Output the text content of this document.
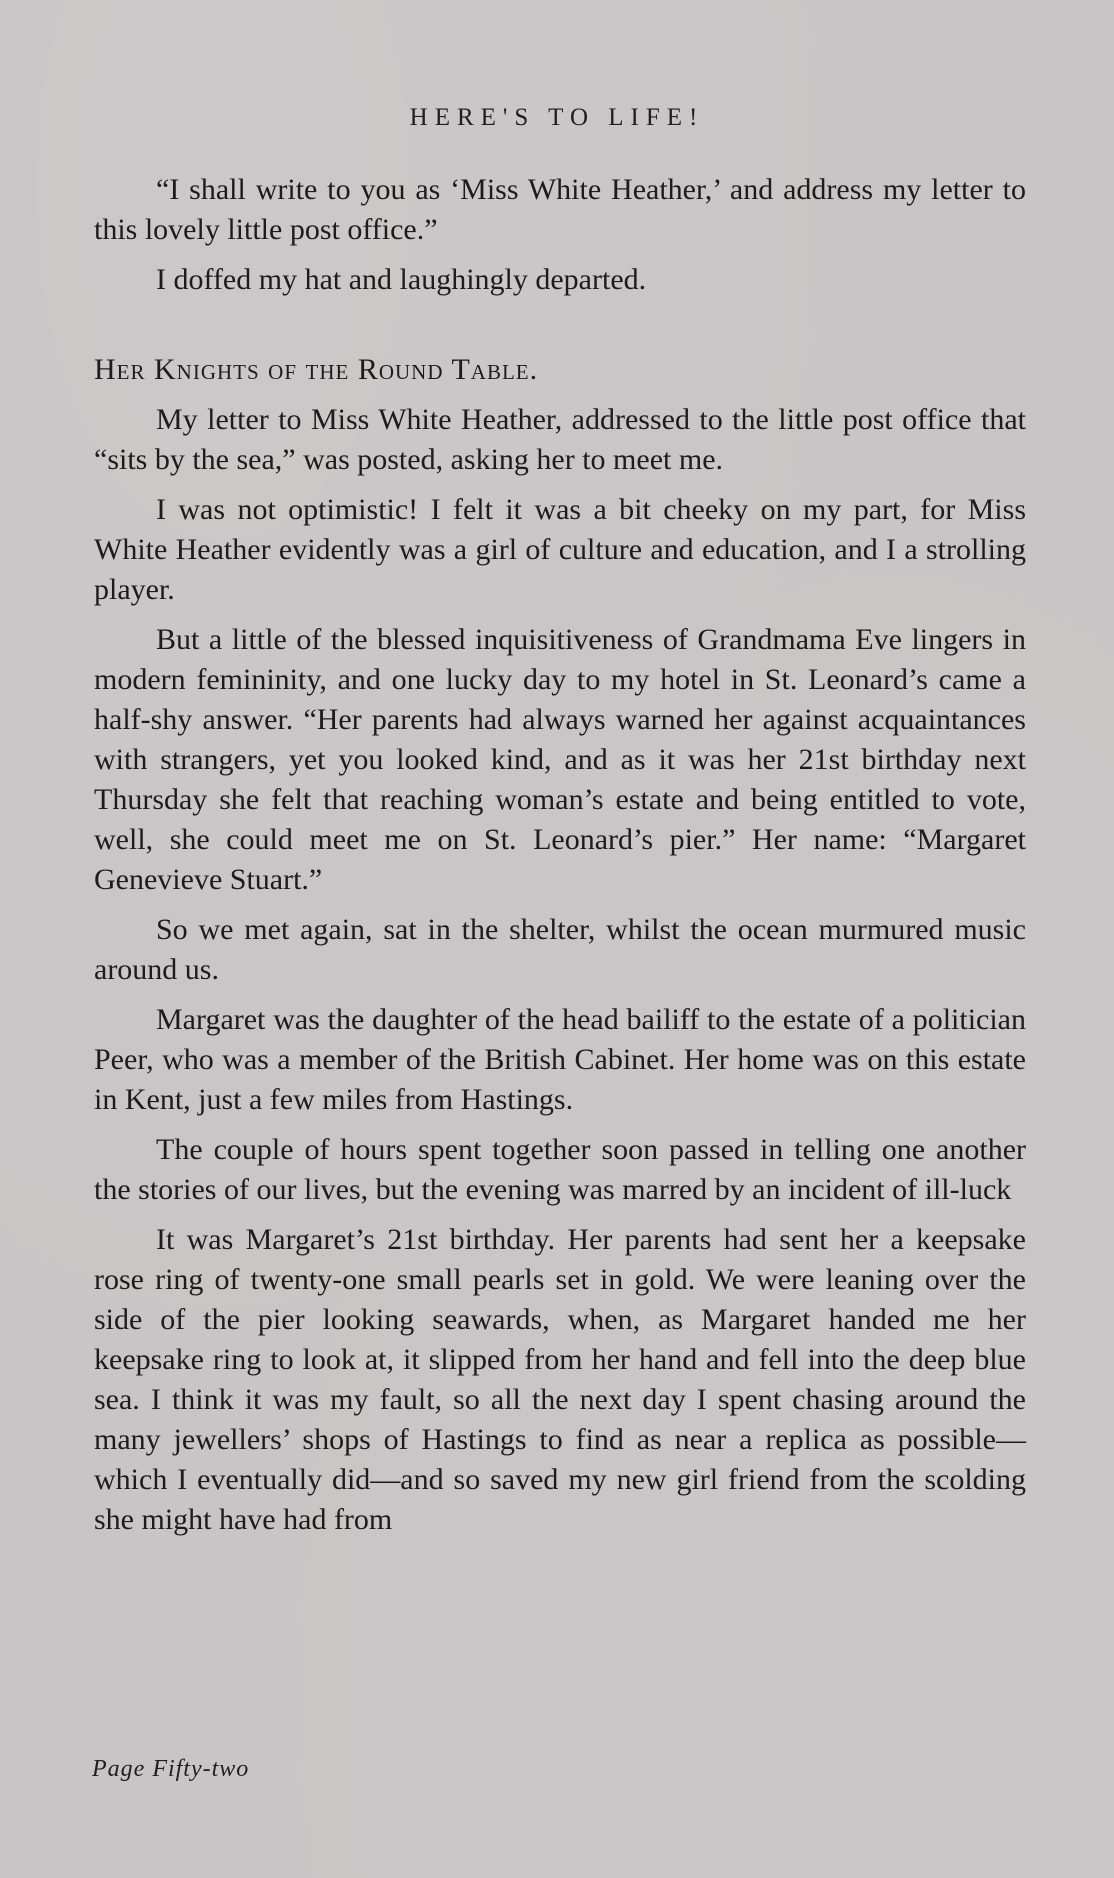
HERE'S TO LIFE!

“I shall write to you as ‘Miss White Heather,’ and address my letter to this lovely little post office.”

I doffed my hat and laughingly departed.

Her Knights of the Round Table.

My letter to Miss White Heather, addressed to the little post office that “sits by the sea,” was posted, asking her to meet me.

I was not optimistic! I felt it was a bit cheeky on my part, for Miss White Heather evidently was a girl of culture and education, and I a strolling player.

But a little of the blessed inquisitiveness of Grandmama Eve lingers in modern femininity, and one lucky day to my hotel in St. Leonard’s came a half-shy answer. “Her parents had always warned her against acquaintances with strangers, yet you looked kind, and as it was her 21st birthday next Thursday she felt that reaching woman’s estate and being entitled to vote, well, she could meet me on St. Leonard’s pier.” Her name: “Margaret Genevieve Stuart.”

So we met again, sat in the shelter, whilst the ocean murmured music around us.

Margaret was the daughter of the head bailiff to the estate of a politician Peer, who was a member of the British Cabinet. Her home was on this estate in Kent, just a few miles from Hastings.

The couple of hours spent together soon passed in telling one another the stories of our lives, but the evening was marred by an incident of ill-luck

It was Margaret’s 21st birthday. Her parents had sent her a keepsake rose ring of twenty-one small pearls set in gold. We were leaning over the side of the pier looking seawards, when, as Margaret handed me her keepsake ring to look at, it slipped from her hand and fell into the deep blue sea. I think it was my fault, so all the next day I spent chasing around the many jewellers’ shops of Hastings to find as near a replica as possible—which I eventually did—and so saved my new girl friend from the scolding she might have had from

Page Fifty-two
